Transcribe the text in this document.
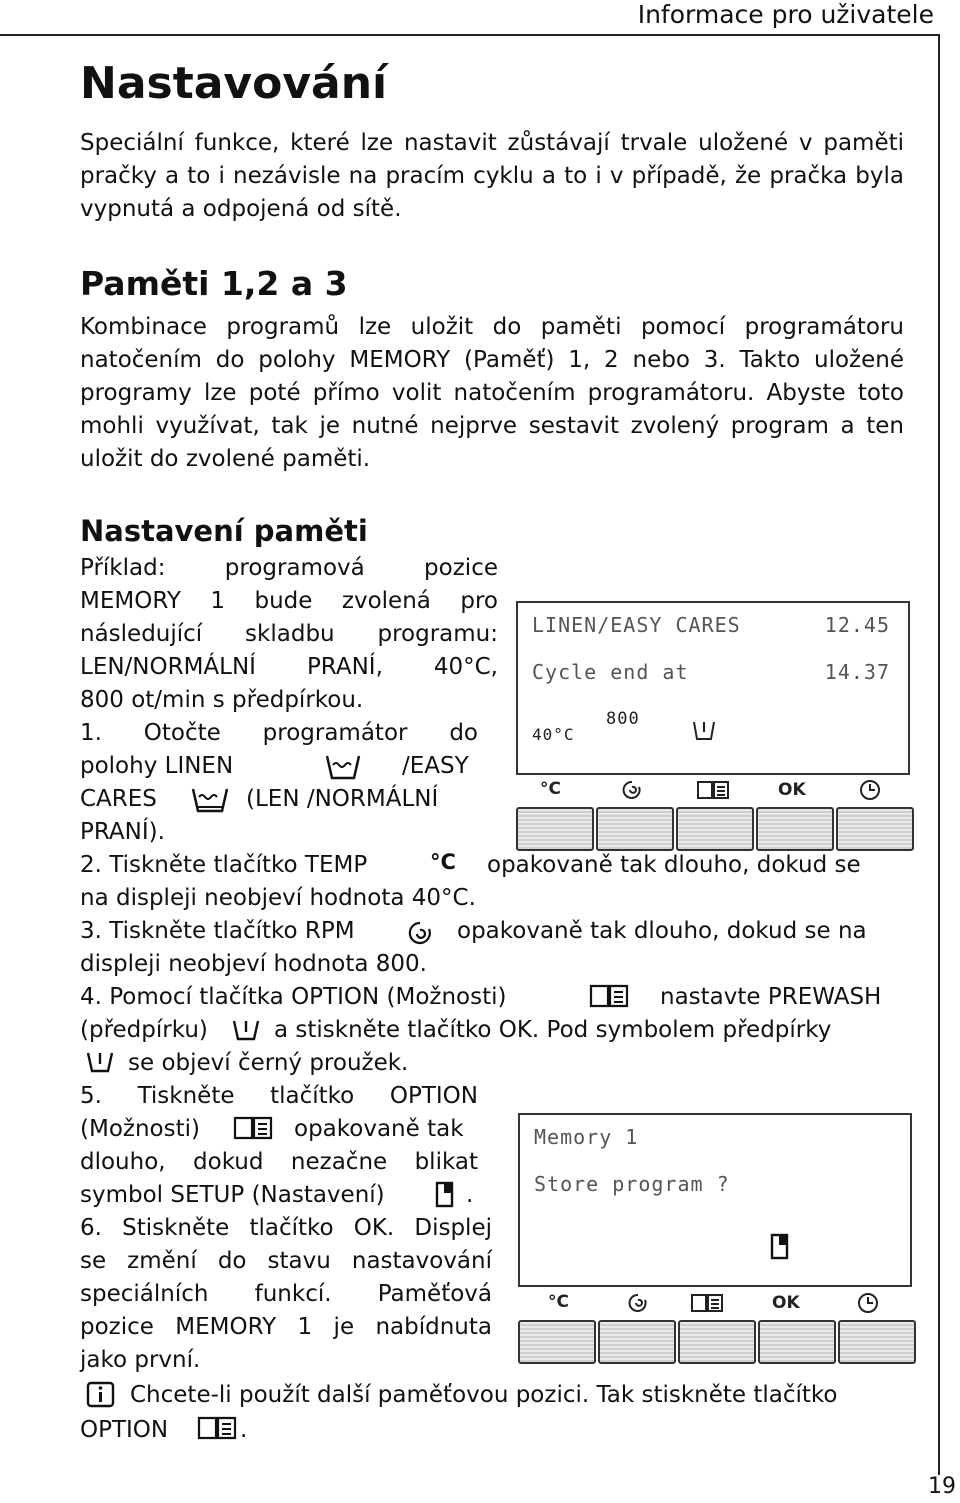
Informace pro uživatele
19
Nastavování
Speciální funkce, které lze nastavit zůstávají trvale uložené v paměti pračky a to i nezávisle na pracím cyklu a to i v případě, že pračka byla vypnutá a odpojená od sítě.
Paměti 1,2 a 3
Kombinace programů lze uložit do paměti pomocí programátoru natočením do polohy MEMORY (Paměť) 1, 2 nebo 3. Takto uložené programy lze poté přímo volit natočením programátoru. Abyste toto mohli využívat, tak je nutné nejprve sestavit zvolený program a ten uložit do zvolené paměti.
Nastavení paměti
Příklad: programová pozice
MEMORY 1 bude zvolená pro
následující skladbu programu:
LEN/NORMÁLNÍ PRANÍ, 40°C,
800 ot/min s předpírkou.
1. Otočte programátor do
polohy LINEN	/EASY
CARES	(LEN /NORMÁLNÍ
PRANÍ).
2. Tiskněte tlačítko TEMP	°C opakovaně tak dlouho, dokud se
na displeji neobjeví hodnota 40°C.
3. Tiskněte tlačítko RPM	opakovaně tak dlouho, dokud se na
displeji neobjeví hodnota 800.
4. Pomocí tlačítka OPTION (Možnosti)	nastavte PREWASH
(předpírku)	a stiskněte tlačítko OK. Pod symbolem předpírky
se objeví černý proužek.
5. Tiskněte tlačítko OPTION
(Možnosti)	opakovaně tak
dlouho, dokud nezačne blikat
symbol SETUP (Nastavení)	.
6. Stiskněte tlačítko OK. Displej
se změní do stavu nastavování
speciálních funkcí. Paměťová
pozice MEMORY 1 je nabídnuta
jako první.
Chcete-li použít další paměťovou pozici. Tak stiskněte tlačítko
OPTION	.
LINEN/EASY CARES	12.45
Cycle end at	14.37
40°C
800
°C	OK
Memory 1
Store program ?
°C	OK
